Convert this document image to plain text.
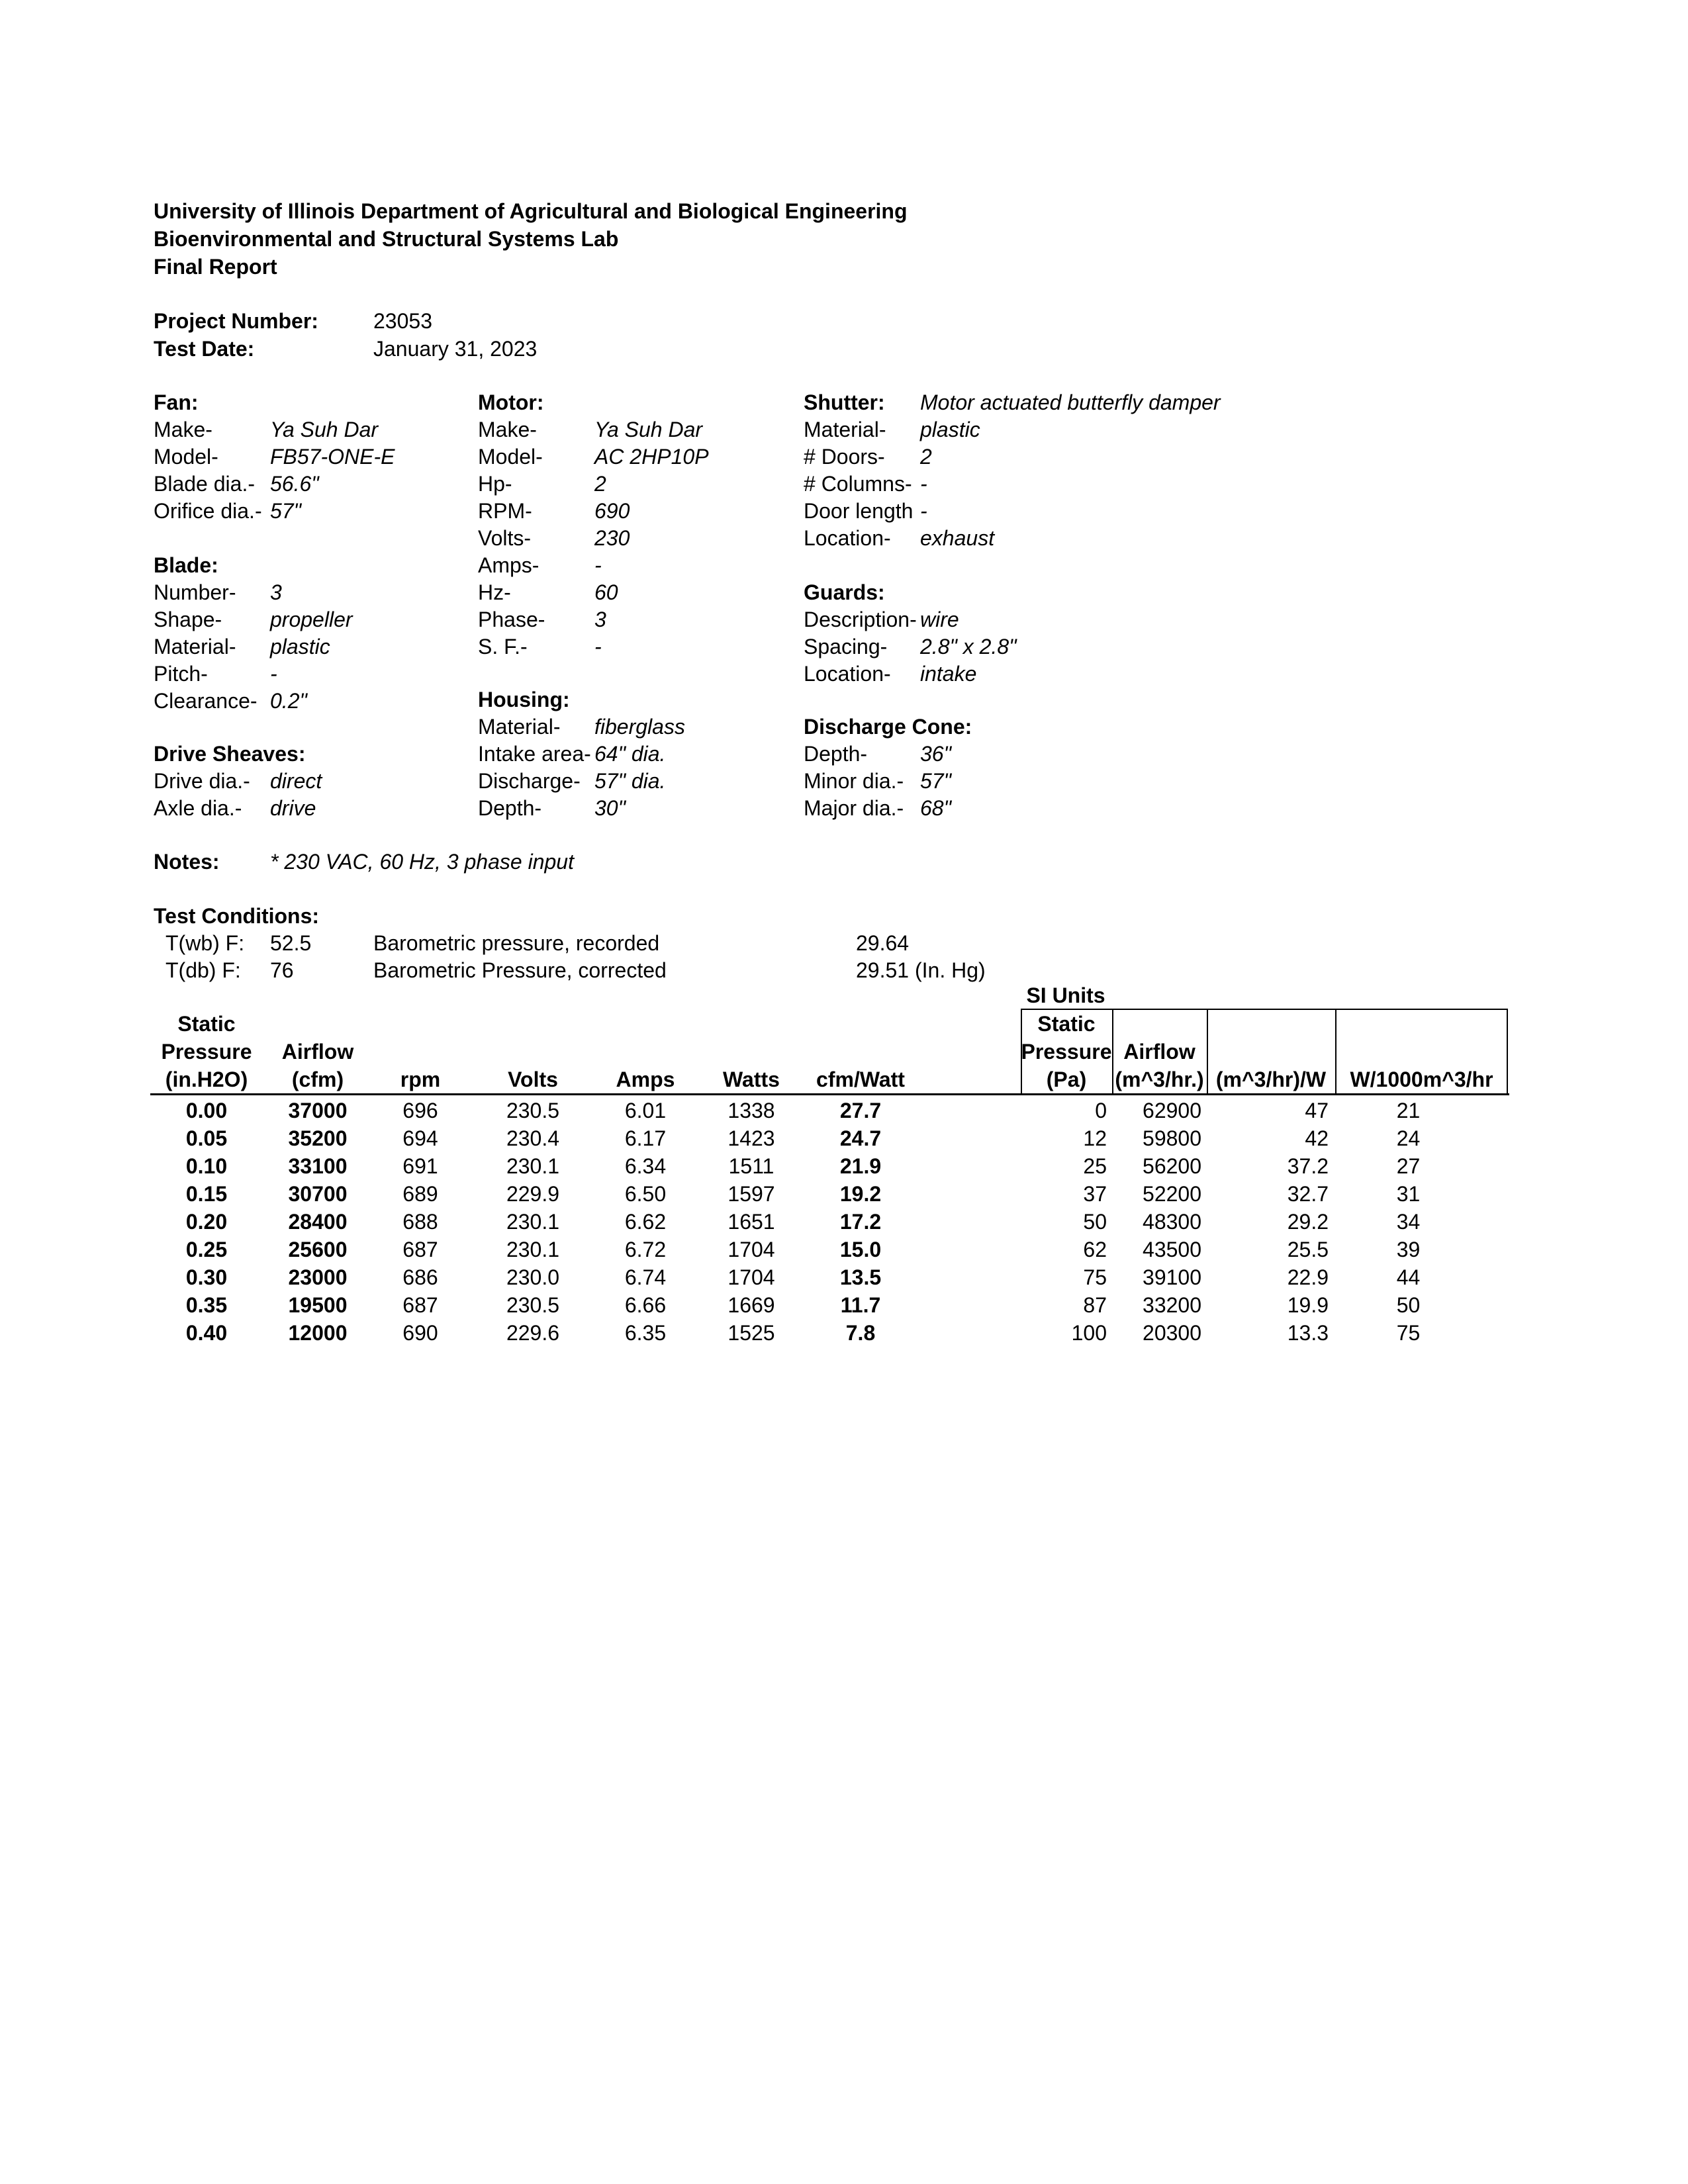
University of Illinois Department of Agricultural and Biological Engineering
Bioenvironmental and Structural Systems Lab
Final Report
Project Number:	23053
Test Date:	January 31, 2023
Fan:
Make-	Ya Suh Dar
Model- FB57-ONE-E
Blade dia.- 56.6"
Orifice dia.- 57"
Blade:
Number- 3
Shape- propeller
Material- plastic
Pitch-	-
Clearance- 0.2"
Drive Sheaves:
Drive dia.- direct
Axle dia.- drive
Motor:
Make-	Ya Suh Dar
Model- AC 2HP10P
Hp-	2
RPM-	690
Volts-	230
Amps-	-
Hz-	60
Phase- 3
S. F.-	-
Housing:
Material- fiberglass
Intake area- 64" dia.
Discharge- 57" dia.
Depth- 30"
Shutter: Motor actuated butterfly damper
Material- plastic
# Doors- 2
# Columns- -
Door length -
Location- exhaust
Guards:
Description- wire
Spacing- 2.8" x 2.8"
Location- intake
Discharge Cone:
Depth- 36"
Minor dia.- 57"
Major dia.- 68"
Notes: * 230 VAC, 60 Hz, 3 phase input
Test Conditions:
T(wb) F: 52.5
T(db) F: 76
Barometric pressure, recorded	29.64
Barometric Pressure, corrected	29.51 (In. Hg)
SI Units
Static
Pressure
(in.H2O)
Airflow
(cfm)	rpm	Volts	Amps	Watts	cfm/Watt
Static
Pressure
(Pa)
Airflow
(m^3/hr.) (m^3/hr)/W	W/1000m^3/hr
0.00	37000	696	230.5	6.01	1338	27.7	0	62900	47	21
0.05	35200	694	230.4	6.17	1423	24.7	12	59800	42	24
0.10	33100	691	230.1	6.34	1511	21.9	25	56200	37.2	27
0.15	30700	689	229.9	6.50	1597	19.2	37	52200	32.7	31
0.20	28400	688	230.1	6.62	1651	17.2	50	48300	29.2	34
0.25	25600	687	230.1	6.72	1704	15.0	62	43500	25.5	39
0.30	23000	686	230.0	6.74	1704	13.5	75	39100	22.9	44
0.35	19500	687	230.5	6.66	1669	11.7	87	33200	19.9	50
0.40	12000	690	229.6	6.35	1525	7.8	100	20300	13.3	75
